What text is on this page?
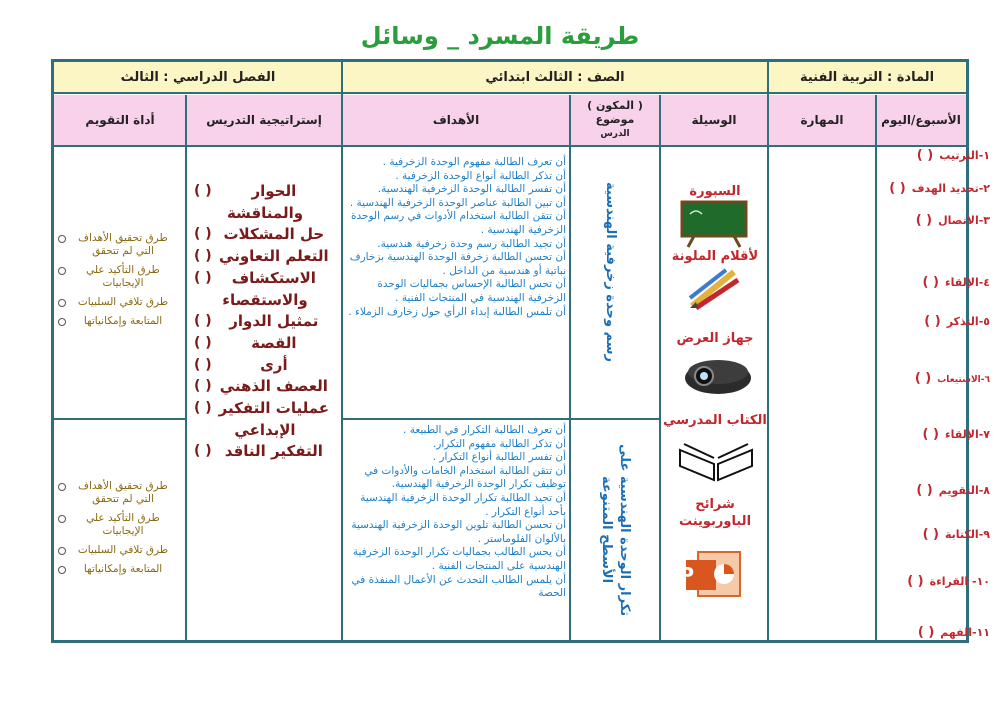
طريقة المسرد _ وسائل
المادة : التربية الفنية
الصف : الثالث ابتدائي
الفصل الدراسي : الثالث
الأسبوع/اليوم
المهارة
الوسيلة
( المكون )
موضوع
الدرس
الأهداف
إستراتيجية التدريس
أداة التقويم
١-الترتيب( )
٢-تحديد الهدف( )
٣-الاتصال( )
٤-الإلقاء( )
٥-التذكر( )
٦-الاستيعاب( )
٧-الإلقاء( )
٨-التقويم( )
٩-الكتابة( )
١٠- القراءة( )
١١-الفهم( )
السبورة
لأقلام الملونة
جهاز العرض
الكتاب المدرسي
شرائح الباوربوينت
P
رسم وحدة زخرفية الهندسية
تكرار الوحدة الهندسية على الأسطح المتنوعة
أن تعرف الطالبة مفهوم الوحدة الزخرفية .
أن تذكر الطالبة أنواع الوحدة الزخرفية .
أن تفسر الطالبة الوحدة الزخرفية الهندسية.
أن تبين الطالبة عناصر الوحدة الزخرفية الهندسية .
أن تتقن الطالبة استخدام الأدوات في رسم الوحدة الزخرفية الهندسية .
أن تجيد الطالبة رسم وحدة زخرفية هندسية.
أن تحسن الطالبة زخرفة الوحدة الهندسية بزخارف نباتية أو هندسية من الداخل .
أن تحس الطالبة الإحساس بجماليات الوحدة الزخرفية الهندسية في المنتجات الفنية .
أن تلمس الطالبة إبداء الرأي حول زخارف الزملاء .
أن تعرف الطالبة التكرار في الطبيعة .
أن تذكر الطالبة مفهوم التكرار.
أن تفسر الطالبة أنواع التكرار .
أن تتقن الطالبة استخدام الخامات والأدوات في توظيف تكرار الوحدة الزخرفية الهندسية.
أن تجيد الطالبة تكرار الوحدة الزخرفية الهندسية بأحد أنواع التكرار .
أن تحسن الطالبة تلوين الوحدة الزخرفية الهندسية بالألوان الفلوماستر .
أن يحس الطالب بجماليات تكرار الوحدة الزخرفية الهندسية على المنتجات الفنية .
أن يلمس الطالب التحدث عن الأعمال المنفذة في الحصة
الحوار
( )
والمناقشة
حل المشكلات
( )
التعلم التعاوني
( )
الاستكشاف
( )
والاستقصاء
تمثيل الدوار
( )
القصة
( )
أرى
( )
العصف الذهني
( )
عمليات التفكير
( )
الإبداعي
التفكير الناقد
( )
طرق تحقيق الأهداف التي لم تتحقق
طرق التأكيد علي الإيجابيات
طرق تلافي السلبيات
المتابعة وإمكانياتها
طرق تحقيق الأهداف التي لم تتحقق
طرق التأكيد علي الإيجابيات
طرق تلافي السلبيات
المتابعة وإمكانياتها
